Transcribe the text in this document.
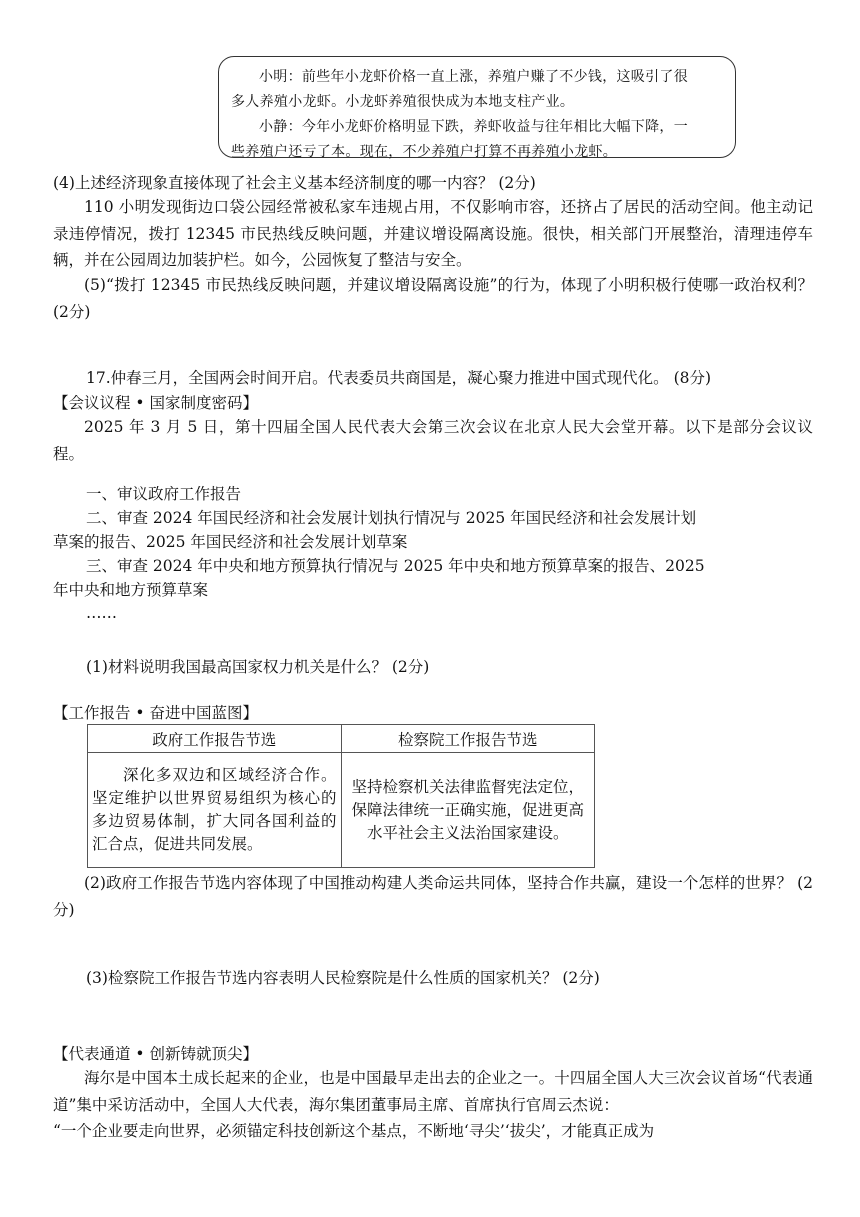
小明：前些年小龙虾价格一直上涨，养殖户赚了不少钱，这吸引了很

多人养殖小龙虾。小龙虾养殖很快成为本地支柱产业。

小静：今年小龙虾价格明显下跌，养虾收益与往年相比大幅下降，一

些养殖户还亏了本。现在，不少养殖户打算不再养殖小龙虾。

(4)上述经济现象直接体现了社会主义基本经济制度的哪一内容？ (2分)

110 小明发现街边口袋公园经常被私家车违规占用，不仅影响市容，还挤占了居民的活动空间。他主动记录违停情况，拨打 12345 市民热线反映问题，并建议增设隔离设施。很快，相关部门开展整治，清理违停车辆，并在公园周边加装护栏。如今，公园恢复了整洁与安全。

(5)“拨打 12345 市民热线反映问题，并建议增设隔离设施”的行为，体现了小明积极行使哪一政治权利？ (2分)

17.仲春三月，全国两会时间开启。代表委员共商国是，凝心聚力推进中国式现代化。 (8分)
【会议议程 • 国家制度密码】

2025 年 3 月 5 日，第十四届全国人民代表大会第三次会议在北京人民大会堂开幕。以下是部分会议议程。

一、审议政府工作报告
二、审查 2024 年国民经济和社会发展计划执行情况与 2025 年国民经济和社会发展计划
草案的报告、2025 年国民经济和社会发展计划草案
三、审查 2024 年中央和地方预算执行情况与 2025 年中央和地方预算草案的报告、2025
年中央和地方预算草案
……
(1)材料说明我国最高国家权力机关是什么？ (2分)
【工作报告 • 奋进中国蓝图】
政府工作报告节选	检察院工作报告节选
深化多双边和区域经济合作。坚定维护以世界贸易组织为核心的多边贸易体制，扩大同各国利益的汇合点，促进共同发展。	坚持检察机关法律监督宪法定位，保障法律统一正确实施，促进更高水平社会主义法治国家建设。

(2)政府工作报告节选内容体现了中国推动构建人类命运共同体，坚持合作共赢，建设一个怎样的世界？ (2分)

(3)检察院工作报告节选内容表明人民检察院是什么性质的国家机关？ (2分)
【代表通道 • 创新铸就顶尖】

海尔是中国本土成长起来的企业，也是中国最早走出去的企业之一。十四届全国人大三次会议首场“代表通道”集中采访活动中，全国人大代表，海尔集团董事局主席、首席执行官周云杰说：

“一个企业要走向世界，必须锚定科技创新这个基点，不断地‘寻尖’‘拔尖’，才能真正成为
